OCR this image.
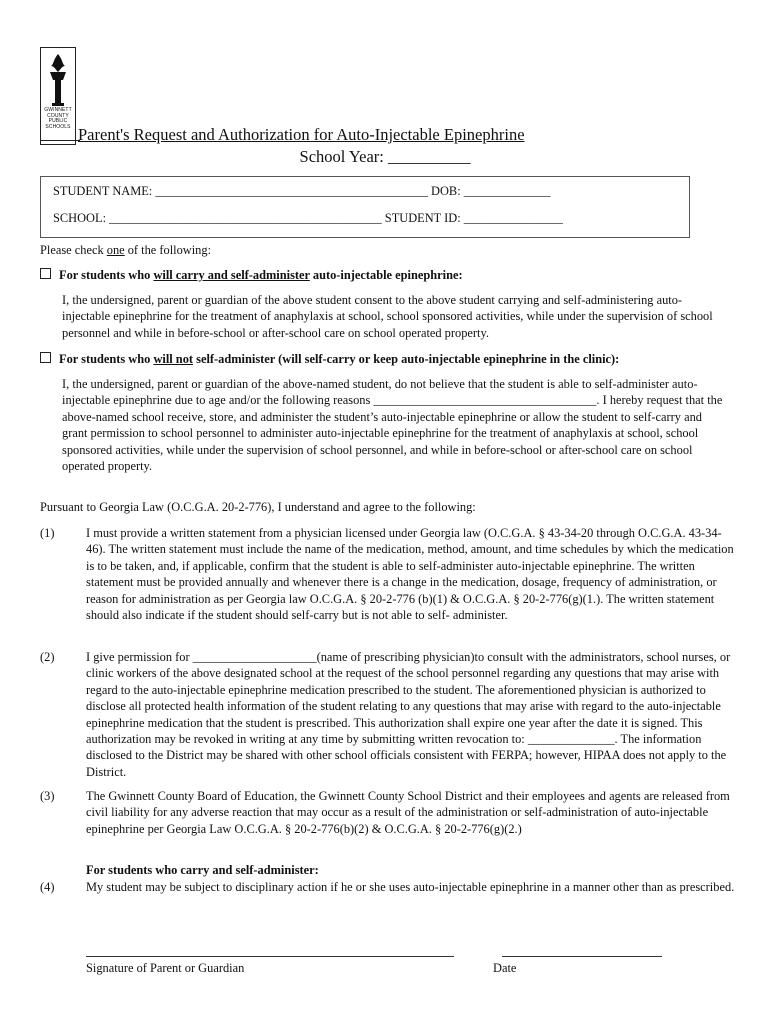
GWINNETT COUNTY PUBLIC SCHOOLS Parent's Request and Authorization for Auto-Injectable Epinephrine
School Year: __________
STUDENT NAME: ____________________________________________ DOB: ______________
SCHOOL: ____________________________________________ STUDENT ID: ________________
Please check one of the following:
For students who will carry and self-administer auto-injectable epinephrine:
I, the undersigned, parent or guardian of the above student consent to the above student carrying and self-administering auto-injectable epinephrine for the treatment of anaphylaxis at school, school sponsored activities, while under the supervision of school personnel and while in before-school or after-school care on school operated property.
For students who will not self-administer (will self-carry or keep auto-injectable epinephrine in the clinic):
I, the undersigned, parent or guardian of the above-named student, do not believe that the student is able to self-administer auto-injectable epinephrine due to age and/or the following reasons ____________________________________. I hereby request that the above-named school receive, store, and administer the student’s auto-injectable epinephrine or allow the student to self-carry and grant permission to school personnel to administer auto-injectable epinephrine for the treatment of anaphylaxis at school, school sponsored activities, while under the supervision of school personnel, and while in before-school or after-school care on school operated property.
Pursuant to Georgia Law (O.C.G.A. 20-2-776), I understand and agree to the following:
(1)	I must provide a written statement from a physician licensed under Georgia law (O.C.G.A. § 43-34-20 through O.C.G.A. 43-34-46). The written statement must include the name of the medication, method, amount, and time schedules by which the medication is to be taken, and, if applicable, confirm that the student is able to self-administer auto-injectable epinephrine. The written statement must be provided annually and whenever there is a change in the medication, dosage, frequency of administration, or reason for administration as per Georgia law O.C.G.A. § 20-2-776 (b)(1) & O.C.G.A. § 20-2-776(g)(1.). The written statement should also indicate if the student should self-carry but is not able to self- administer.
(2)	I give permission for ____________________(name of prescribing physician)to consult with the administrators, school nurses, or clinic workers of the above designated school at the request of the school personnel regarding any questions that may arise with regard to the auto-injectable epinephrine medication prescribed to the student. The aforementioned physician is authorized to disclose all protected health information of the student relating to any questions that may arise with regard to the auto-injectable epinephrine medication that the student is prescribed. This authorization shall expire one year after the date it is signed. This authorization may be revoked in writing at any time by submitting written revocation to: ______________. The information disclosed to the District may be shared with other school officials consistent with FERPA; however, HIPAA does not apply to the District.
(3)	The Gwinnett County Board of Education, the Gwinnett County School District and their employees and agents are released from civil liability for any adverse reaction that may occur as a result of the administration or self-administration of auto-injectable epinephrine per Georgia Law O.C.G.A. § 20-2-776(b)(2) & O.C.G.A. § 20-2-776(g)(2.)
For students who carry and self-administer:
(4)	My student may be subject to disciplinary action if he or she uses auto-injectable epinephrine in a manner other than as prescribed.
Signature of Parent or Guardian	Date
